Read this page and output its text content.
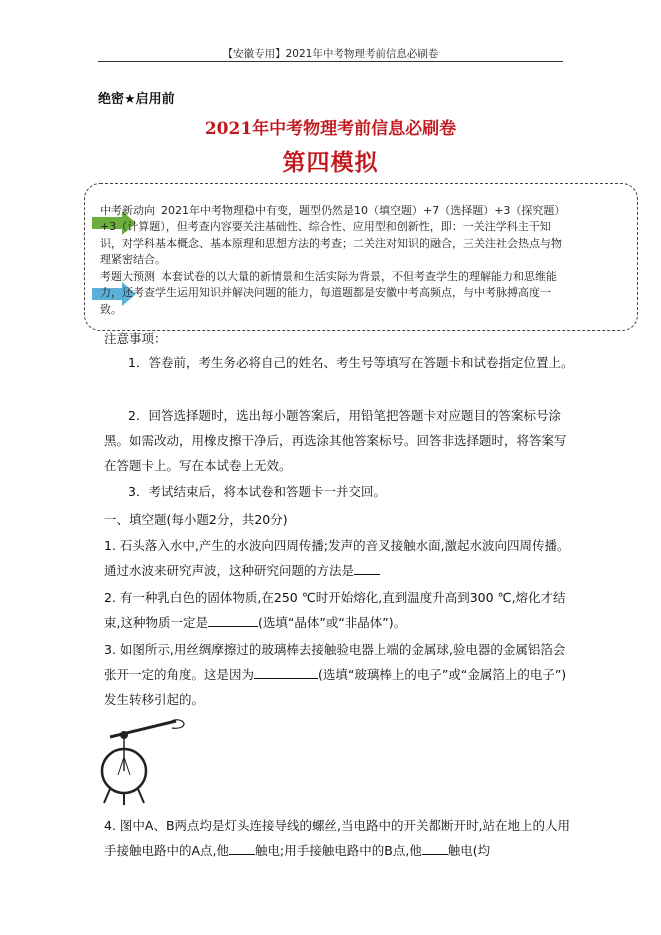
【安徽专用】2021年中考物理考前信息必刷卷
绝密★启用前
2021年中考物理考前信息必刷卷
第四模拟
中考新动向 2021年中考物理稳中有变，题型仍然是10（填空题）+7（选择题）+3（探究题）+3（计算题），但考查内容要关注基础性、综合性、应用型和创新性，即：一关注学科主干知识，对学科基本概念、基本原理和思想方法的考查；二关注对知识的融合，三关注社会热点与物理紧密结合。
考题大预测 本套试卷的以大量的新情景和生活实际为背景，不但考查学生的理解能力和思维能力，还考查学生运用知识并解决问题的能力，每道题都是安徽中考高频点，与中考脉搏高度一致。
注意事项：
1．答卷前，考生务必将自己的姓名、考生号等填写在答题卡和试卷指定位置上。
2．回答选择题时，选出每小题答案后，用铅笔把答题卡对应题目的答案标号涂黑。如需改动，用橡皮擦干净后，再选涂其他答案标号。回答非选择题时，将答案写在答题卡上。写在本试卷上无效。
3．考试结束后，将本试卷和答题卡一并交回。
一、填空题(每小题2分，共20分)
1. 石头落入水中,产生的水波向四周传播;发声的音叉接触水面,激起水波向四周传播。通过水波来研究声波，这种研究问题的方法是
2. 有一种乳白色的固体物质,在250 ℃时开始熔化,直到温度升高到300 ℃,熔化才结束,这种物质一定是	(选填“晶体”或“非晶体”)。
3. 如图所示,用丝绸摩擦过的玻璃棒去接触验电器上端的金属球,验电器的金属铝箔会张开一定的角度。这是因为	(选填“玻璃棒上的电子”或“金属箔上的电子”)发生转移引起的。
4. 图中A、B两点均是灯头连接导线的螺丝,当电路中的开关都断开时,站在地上的人用手接触电路中的A点,他 触电;用手接触电路中的B点,他 触电(均
